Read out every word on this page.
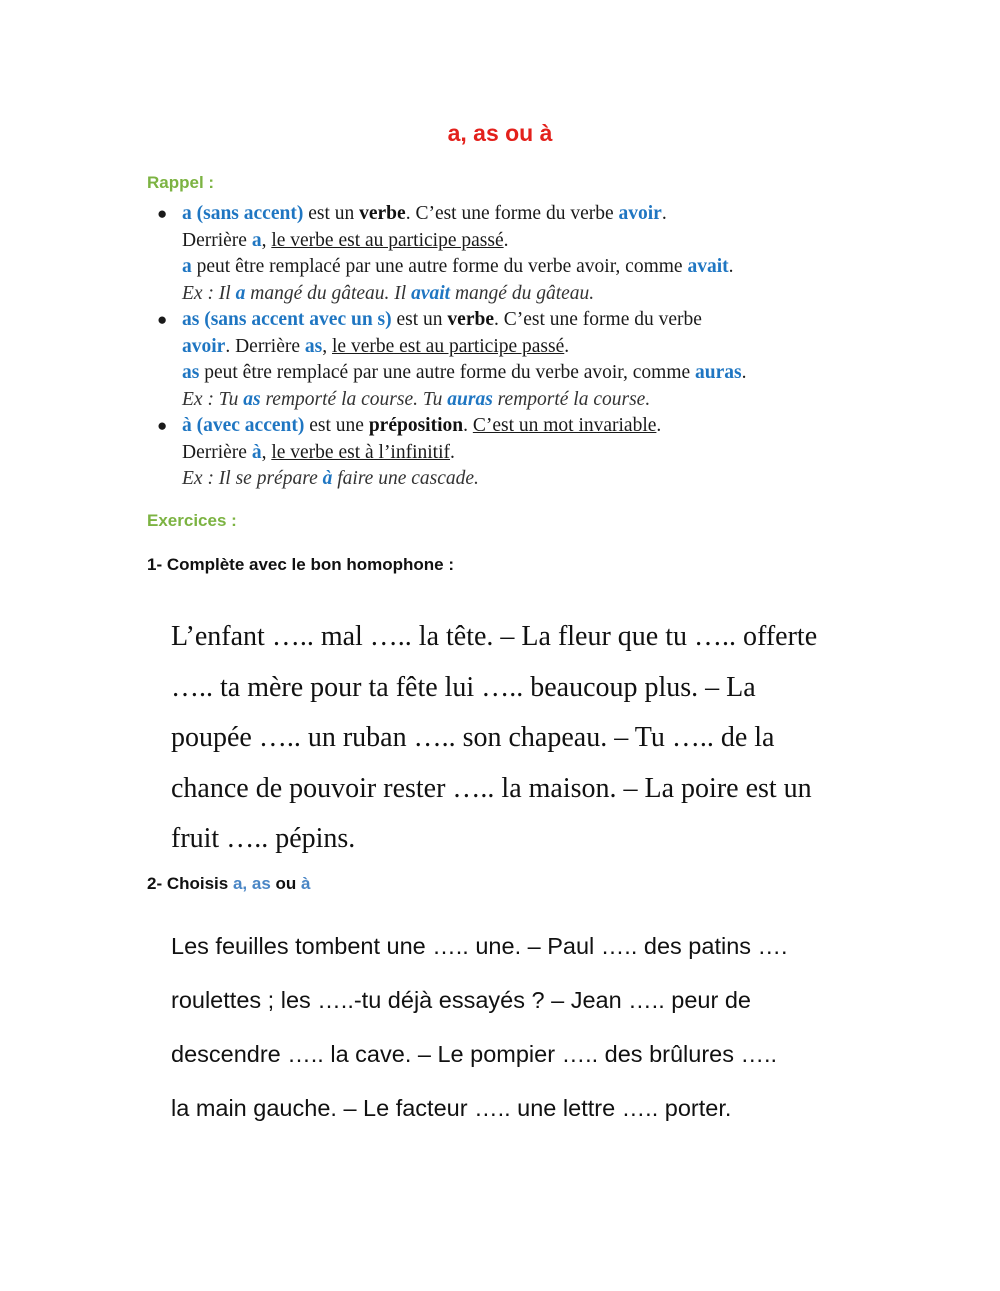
a, as ou à
Rappel :
● a (sans accent) est un verbe. C’est une forme du verbe avoir.
Derrière a, le verbe est au participe passé.
a peut être remplacé par une autre forme du verbe avoir, comme avait.
Ex : Il a mangé du gâteau. Il avait mangé du gâteau.
● as (sans accent avec un s) est un verbe. C’est une forme du verbe
avoir. Derrière as, le verbe est au participe passé.
as peut être remplacé par une autre forme du verbe avoir, comme auras.
Ex : Tu as remporté la course. Tu auras remporté la course.
● à (avec accent) est une préposition. C’est un mot invariable.
Derrière à, le verbe est à l’infinitif.
Ex : Il se prépare à faire une cascade.
Exercices :
1- Complète avec le bon homophone :
L’enfant ….. mal ….. la tête. – La fleur que tu ….. offerte
….. ta mère pour ta fête lui ….. beaucoup plus. – La
poupée ….. un ruban ….. son chapeau. – Tu ….. de la
chance de pouvoir rester ….. la maison. – La poire est un
fruit ….. pépins.
2- Choisis a, as ou à
Les feuilles tombent une ….. une. – Paul ….. des patins ….
roulettes ; les …..-tu déjà essayés ? – Jean ….. peur de
descendre ….. la cave. – Le pompier ….. des brûlures …..
la main gauche. – Le facteur ….. une lettre ….. porter.
